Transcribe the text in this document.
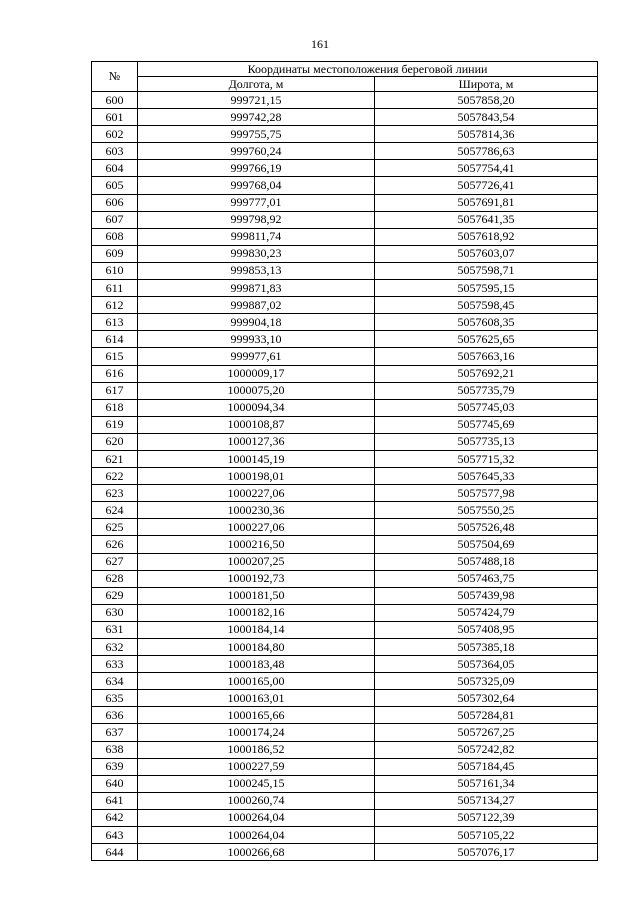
161
№	Координаты местоположения береговой линии	
	Долгота, м	Широта, м
600	999721,15	5057858,20
601	999742,28	5057843,54
602	999755,75	5057814,36
603	999760,24	5057786,63
604	999766,19	5057754,41
605	999768,04	5057726,41
606	999777,01	5057691,81
607	999798,92	5057641,35
608	999811,74	5057618,92
609	999830,23	5057603,07
610	999853,13	5057598,71
611	999871,83	5057595,15
612	999887,02	5057598,45
613	999904,18	5057608,35
614	999933,10	5057625,65
615	999977,61	5057663,16
616	1000009,17	5057692,21
617	1000075,20	5057735,79
618	1000094,34	5057745,03
619	1000108,87	5057745,69
620	1000127,36	5057735,13
621	1000145,19	5057715,32
622	1000198,01	5057645,33
623	1000227,06	5057577,98
624	1000230,36	5057550,25
625	1000227,06	5057526,48
626	1000216,50	5057504,69
627	1000207,25	5057488,18
628	1000192,73	5057463,75
629	1000181,50	5057439,98
630	1000182,16	5057424,79
631	1000184,14	5057408,95
632	1000184,80	5057385,18
633	1000183,48	5057364,05
634	1000165,00	5057325,09
635	1000163,01	5057302,64
636	1000165,66	5057284,81
637	1000174,24	5057267,25
638	1000186,52	5057242,82
639	1000227,59	5057184,45
640	1000245,15	5057161,34
641	1000260,74	5057134,27
642	1000264,04	5057122,39
643	1000264,04	5057105,22
644	1000266,68	5057076,17
